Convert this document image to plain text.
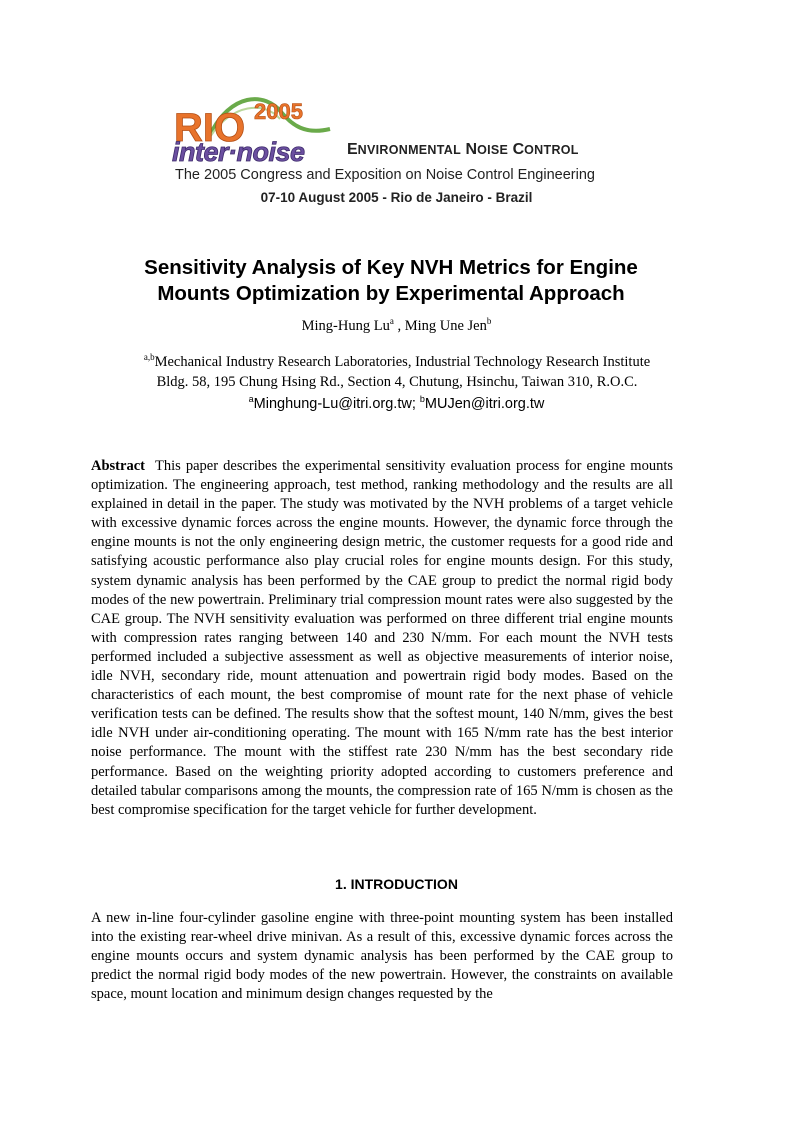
RIO 2005
inter·noise	ENVIRONMENTAL NOISE CONTROL
The 2005 Congress and Exposition on Noise Control Engineering
07-10 August 2005 - Rio de Janeiro - Brazil
Sensitivity Analysis of Key NVH Metrics for Engine
Mounts Optimization by Experimental Approach
Ming-Hung Lu$^a$ , Ming Une Jen$^b$
$^{a,b}$Mechanical Industry Research Laboratories, Industrial Technology Research Institute
Bldg. 58, 195 Chung Hsing Rd., Section 4, Chutung, Hsinchu, Taiwan 310, R.O.C.
$^a$Minghung-Lu@itri.org.tw; $^b$MUJen@itri.org.tw
Abstract This paper describes the experimental sensitivity evaluation process for engine mounts optimization. The engineering approach, test method, ranking methodology and the results are all explained in detail in the paper. The study was motivated by the NVH problems of a target vehicle with excessive dynamic forces across the engine mounts. However, the dynamic force through the engine mounts is not the only engineering design metric, the customer requests for a good ride and satisfying acoustic performance also play crucial roles for engine mounts design. For this study, system dynamic analysis has been performed by the CAE group to predict the normal rigid body modes of the new powertrain. Preliminary trial compression mount rates were also suggested by the CAE group. The NVH sensitivity evaluation was performed on three different trial engine mounts with compression rates ranging between 140 and 230 N/mm. For each mount the NVH tests performed included a subjective assessment as well as objective measurements of interior noise, idle NVH, secondary ride, mount attenuation and powertrain rigid body modes. Based on the characteristics of each mount, the best compromise of mount rate for the next phase of vehicle verification tests can be defined. The results show that the softest mount, 140 N/mm, gives the best idle NVH under air-conditioning operating. The mount with 165 N/mm rate has the best interior noise performance. The mount with the stiffest rate 230 N/mm has the best secondary ride performance. Based on the weighting priority adopted according to customers preference and detailed tabular comparisons among the mounts, the compression rate of 165 N/mm is chosen as the best compromise specification for the target vehicle for further development.
1. INTRODUCTION
A new in-line four-cylinder gasoline engine with three-point mounting system has been installed into the existing rear-wheel drive minivan. As a result of this, excessive dynamic forces across the engine mounts occurs and system dynamic analysis has been performed by the CAE group to predict the normal rigid body modes of the new powertrain. However, the constraints on available space, mount location and minimum design changes requested by the
